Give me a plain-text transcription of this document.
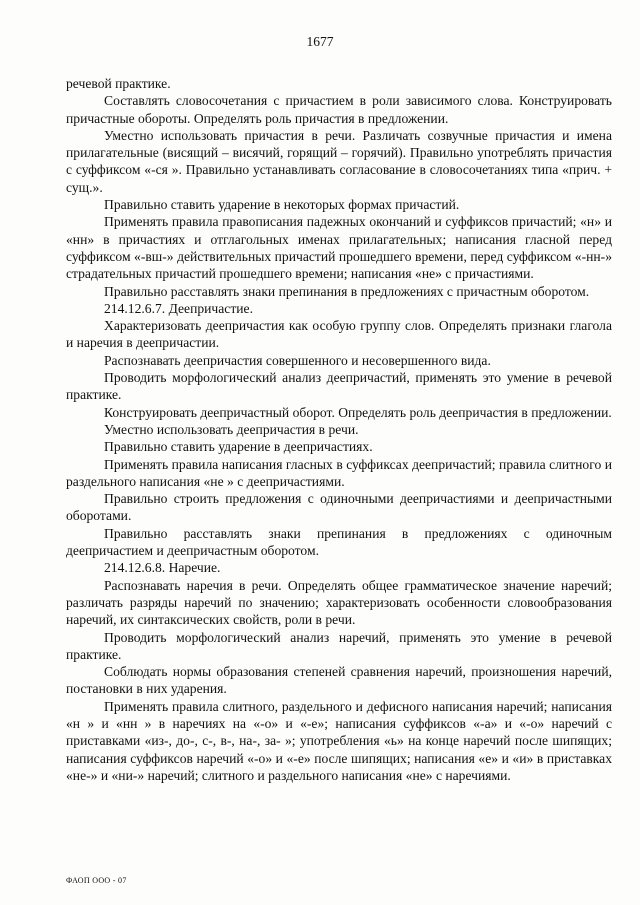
1677

речевой практике.

Составлять словосочетания с причастием в роли зависимого слова. Конструировать причастные обороты. Определять роль причастия в предложении.

Уместно использовать причастия в речи. Различать созвучные причастия и имена прилагательные (висящий – висячий, горящий – горячий). Правильно употреблять причастия с суффиксом «-ся ». Правильно устанавливать согласование в словосочетаниях типа «прич. + сущ.».

Правильно ставить ударение в некоторых формах причастий.

Применять правила правописания падежных окончаний и суффиксов причастий; «н» и «нн» в причастиях и отглагольных именах прилагательных; написания гласной перед суффиксом «-вш-» действительных причастий прошедшего времени, перед суффиксом «-нн-» страдательных причастий прошедшего времени; написания «не» с причастиями.

Правильно расставлять знаки препинания в предложениях с причастным оборотом.

214.12.6.7. Деепричастие.

Характеризовать деепричастия как особую группу слов. Определять признаки глагола и наречия в деепричастии.

Распознавать деепричастия совершенного и несовершенного вида.

Проводить морфологический анализ деепричастий, применять это умение в речевой практике.

Конструировать деепричастный оборот. Определять роль деепричастия в предложении.

Уместно использовать деепричастия в речи.

Правильно ставить ударение в деепричастиях.

Применять правила написания гласных в суффиксах деепричастий; правила слитного и раздельного написания «не » с деепричастиями.

Правильно строить предложения с одиночными деепричастиями и деепричастными оборотами.

Правильно расставлять знаки препинания в предложениях с одиночным деепричастием и деепричастным оборотом.

214.12.6.8. Наречие.

Распознавать наречия в речи. Определять общее грамматическое значение наречий; различать разряды наречий по значению; характеризовать особенности словообразования наречий, их синтаксических свойств, роли в речи.

Проводить морфологический анализ наречий, применять это умение в речевой практике.

Соблюдать нормы образования степеней сравнения наречий, произношения наречий, постановки в них ударения.

Применять правила слитного, раздельного и дефисного написания наречий; написания «н » и «нн » в наречиях на «-о» и «-е»; написания суффиксов «-а» и «-о» наречий с приставками «из-, до-, с-, в-, на-, за- »; употребления «ь» на конце наречий после шипящих; написания суффиксов наречий «-о» и «-е» после шипящих; написания «е» и «и» в приставках «не-» и «ни-» наречий; слитного и раздельного написания «не» с наречиями.

ФАОП ООО - 07
